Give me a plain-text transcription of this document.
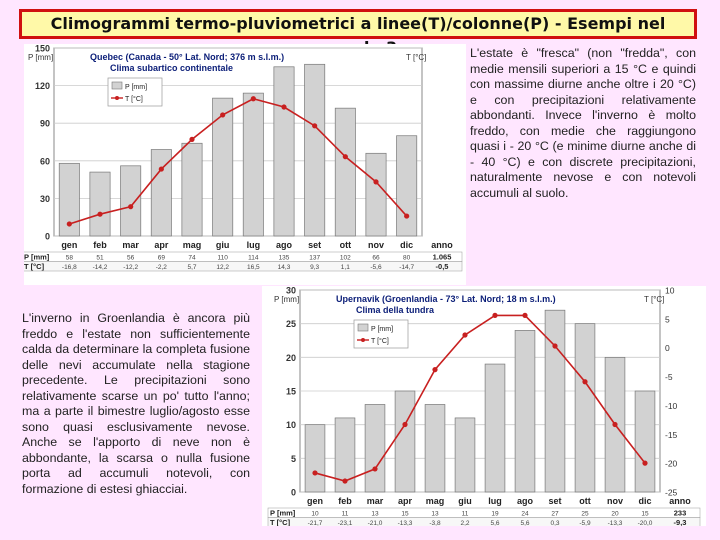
Climogrammi termo-pluviometrici a linee(T)/colonne(P) - Esempi nel
L'estate è "fresca" (non "fredda", con medie mensili superiori a 15 °C e quindi con massime diurne anche oltre i 20 °C) e con precipitazioni relativamente abbondanti. Invece l'inverno è molto freddo, con medie che raggiungono quasi i - 20 °C (e minime diurne anche di - 40 °C) e con discrete precipitazioni, naturalmente nevose e con notevoli accumuli al suolo.
L'inverno in Groenlandia è ancora più freddo e l'estate non sufficientemente calda da determinare la completa fusione delle nevi accumulate nella stagione precedente. Le precipitazioni sono relativamente scarse un po' tutto l'anno; ma a parte il bimestre luglio/agosto esse sono quasi esclusivamente nevose. Anche se l'apporto di neve non è abbondante, la scarsa o nulla fusione porta ad accumuli notevoli, con formazione di estesi ghiacciai.
0
30
60
90
120
150
P [mm]	T [°C]
Quebec (Canada - 50° Lat. Nord; 376 m s.l.m.)
Clima subartico continentale
P [mm]
T [°C]
gen feb mar apr mag giu lug ago set ott nov dic anno
P [mm]	58	51	56	69	74	110	114	135	137	102	66	80	1.065
T [°C]	-16,8 -14,2 -12,2	-2,2	5,7	12,2	16,5	14,3	9,3	1,1	-5,6	-14,7	-0,5
0
5
10
15
20
25
30
-25
-20
-15
-10
-5
0
5
10
P [mm]	T [°C]
Upernavik (Groenlandia - 73° Lat. Nord; 18 m s.l.m.)
Clima della tundra
P [mm]
T [°C]
gen feb mar apr mag giu lug ago set ott nov dic anno
P [mm] 10	11	13	15	13	11	19	24	27	25	20	15	233
T [°C]	-21,7 -23,1 -21,0 -13,3	-3,8	2,2	5,6	5,6	0,3	-5,9	-13,3 -20,0	-9,3
